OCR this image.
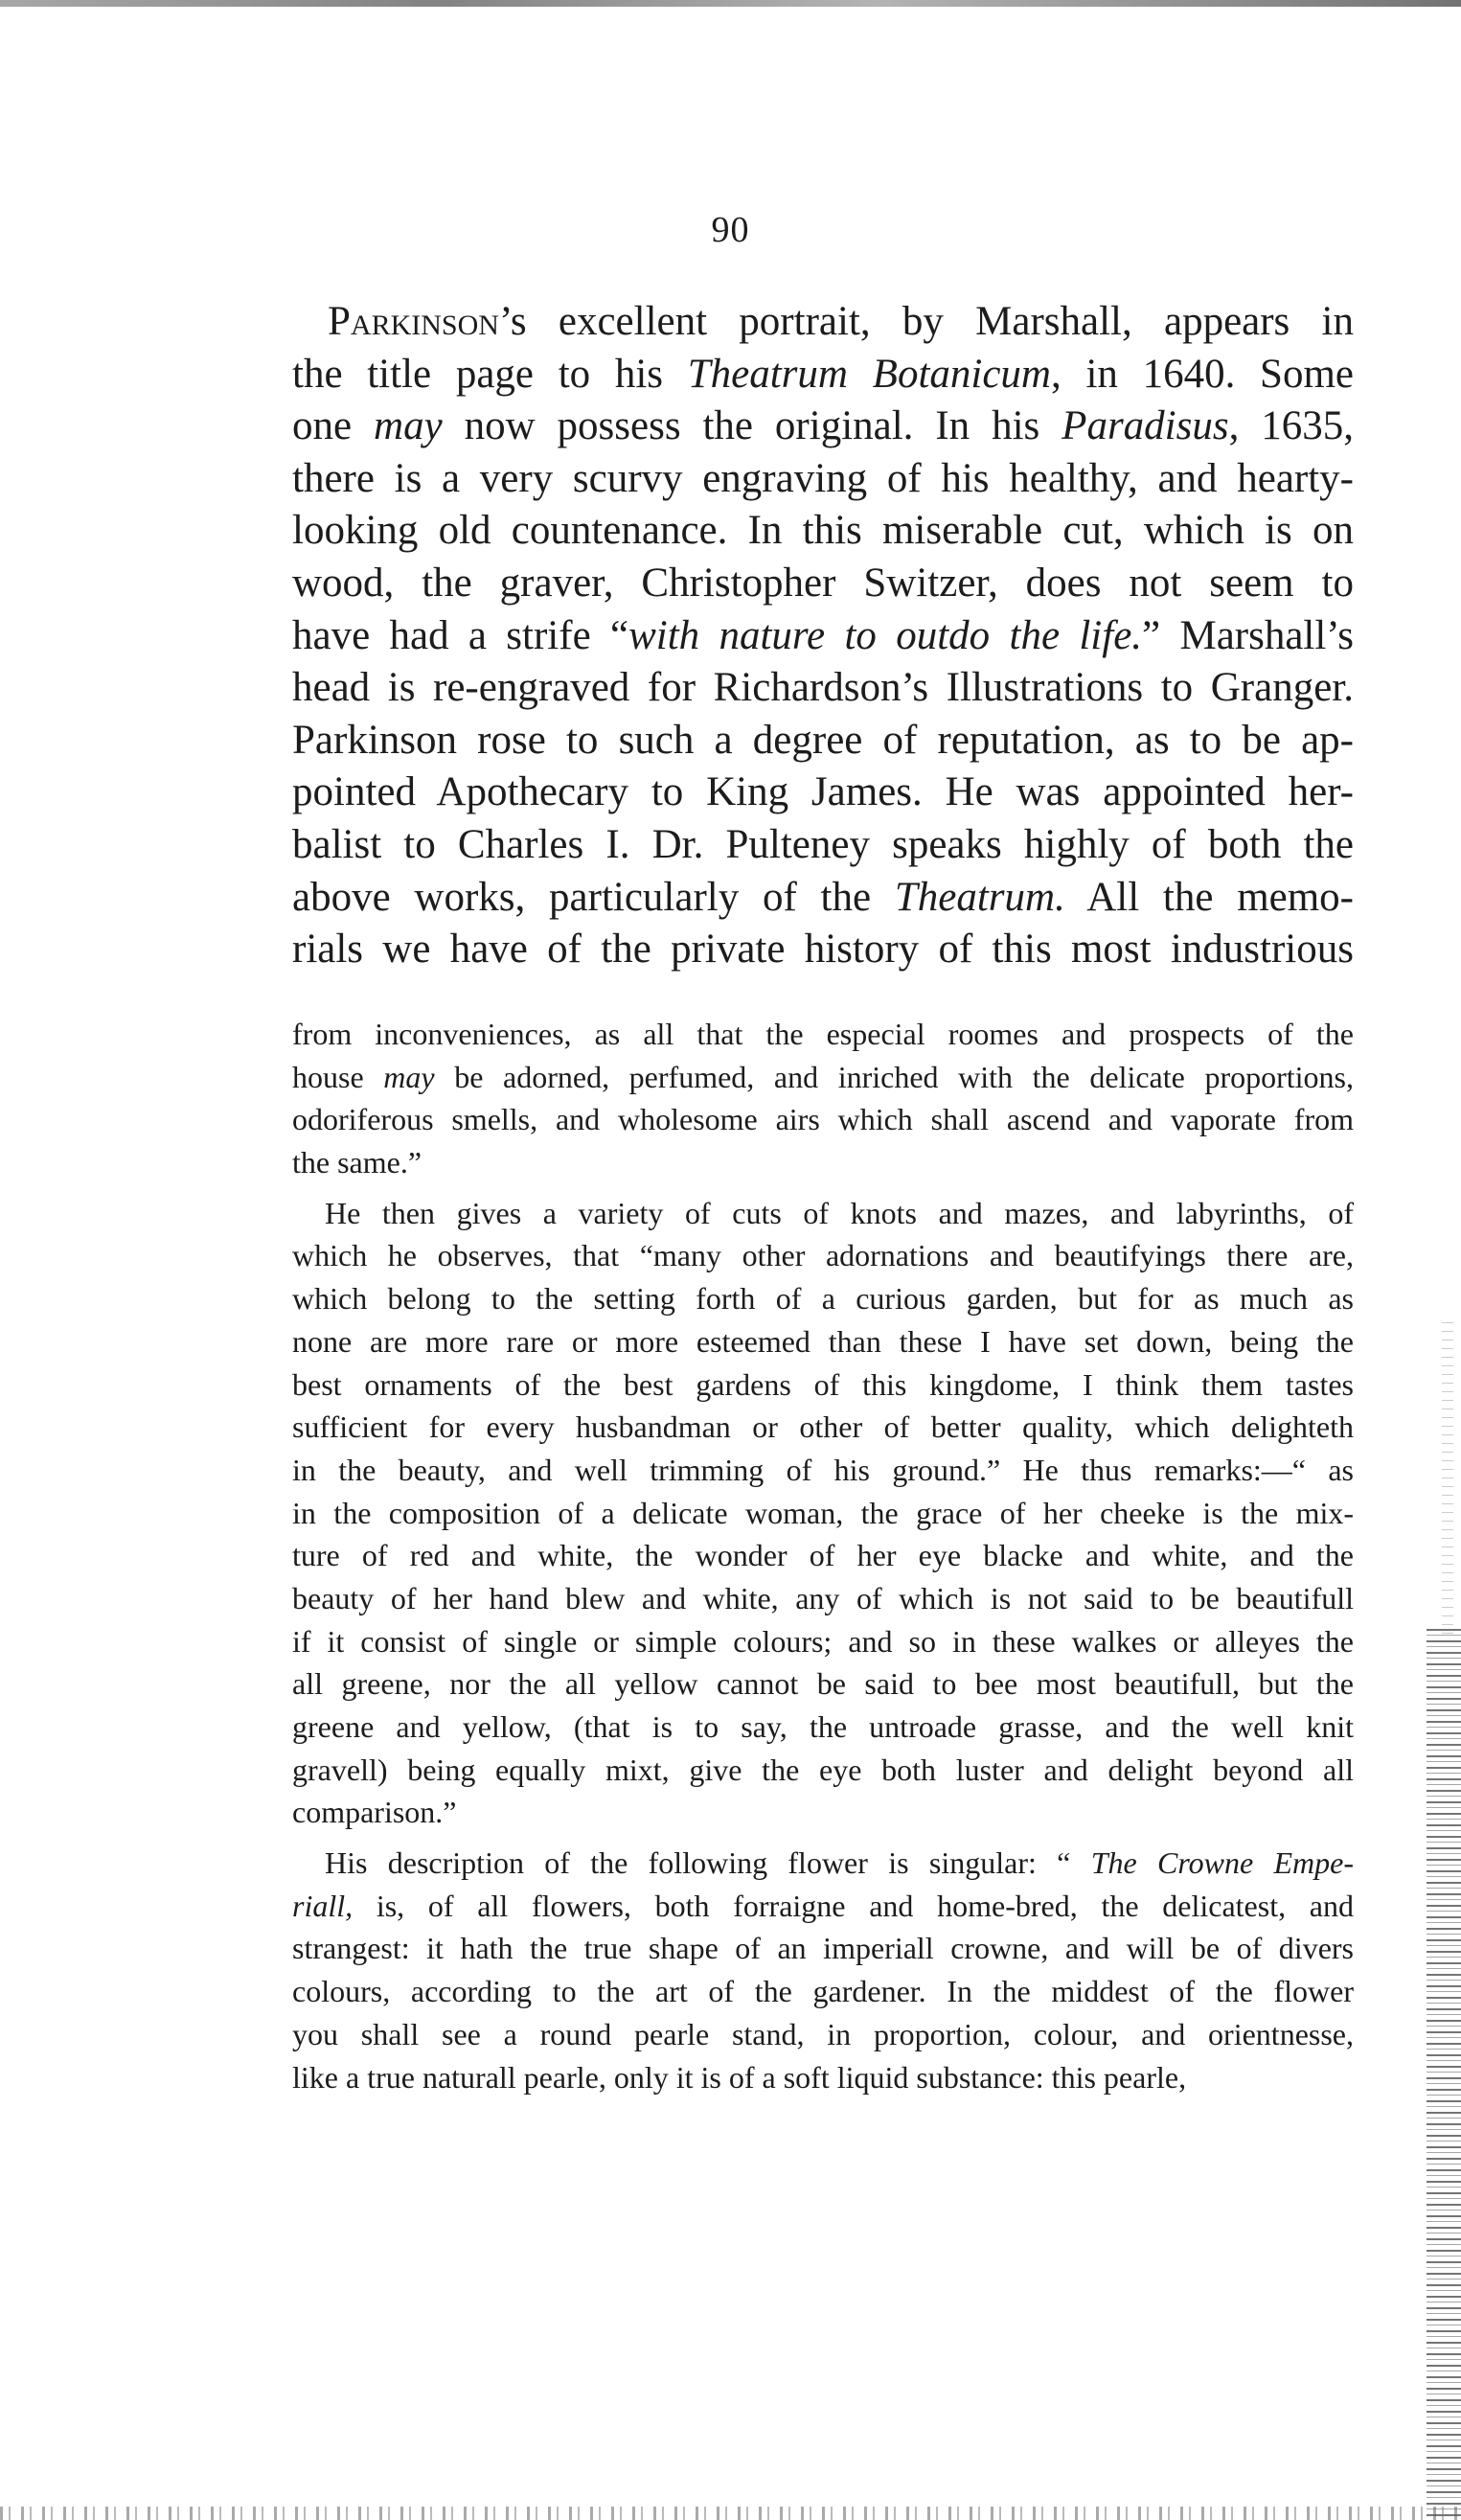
90
Parkinson’s excellent portrait, by Marshall, appears in
the title page to his Theatrum Botanicum, in 1640. Some
one may now possess the original. In his Paradisus, 1635,
there is a very scurvy engraving of his healthy, and hearty-
looking old countenance. In this miserable cut, which is on
wood, the graver, Christopher Switzer, does not seem to
have had a strife “with nature to outdo the life.” Marshall’s
head is re-engraved for Richardson’s Illustrations to Granger.
Parkinson rose to such a degree of reputation, as to be ap-
pointed Apothecary to King James. He was appointed her-
balist to Charles I. Dr. Pulteney speaks highly of both the
above works, particularly of the Theatrum. All the memo-
rials we have of the private history of this most industrious
from inconveniences, as all that the especial roomes and prospects of the
house may be adorned, perfumed, and inriched with the delicate proportions,
odoriferous smells, and wholesome airs which shall ascend and vaporate from
the same.”
He then gives a variety of cuts of knots and mazes, and labyrinths, of
which he observes, that “many other adornations and beautifyings there are,
which belong to the setting forth of a curious garden, but for as much as
none are more rare or more esteemed than these I have set down, being the
best ornaments of the best gardens of this kingdome, I think them tastes
sufficient for every husbandman or other of better quality, which delighteth
in the beauty, and well trimming of his ground.” He thus remarks:—“ as
in the composition of a delicate woman, the grace of her cheeke is the mix-
ture of red and white, the wonder of her eye blacke and white, and the
beauty of her hand blew and white, any of which is not said to be beautifull
if it consist of single or simple colours; and so in these walkes or alleyes the
all greene, nor the all yellow cannot be said to bee most beautifull, but the
greene and yellow, (that is to say, the untroade grasse, and the well knit
gravell) being equally mixt, give the eye both luster and delight beyond all
comparison.”
His description of the following flower is singular: “ The Crowne Empe-
riall, is, of all flowers, both forraigne and home-bred, the delicatest, and
strangest: it hath the true shape of an imperiall crowne, and will be of divers
colours, according to the art of the gardener. In the middest of the flower
you shall see a round pearle stand, in proportion, colour, and orientnesse,
like a true naturall pearle, only it is of a soft liquid substance: this pearle,
